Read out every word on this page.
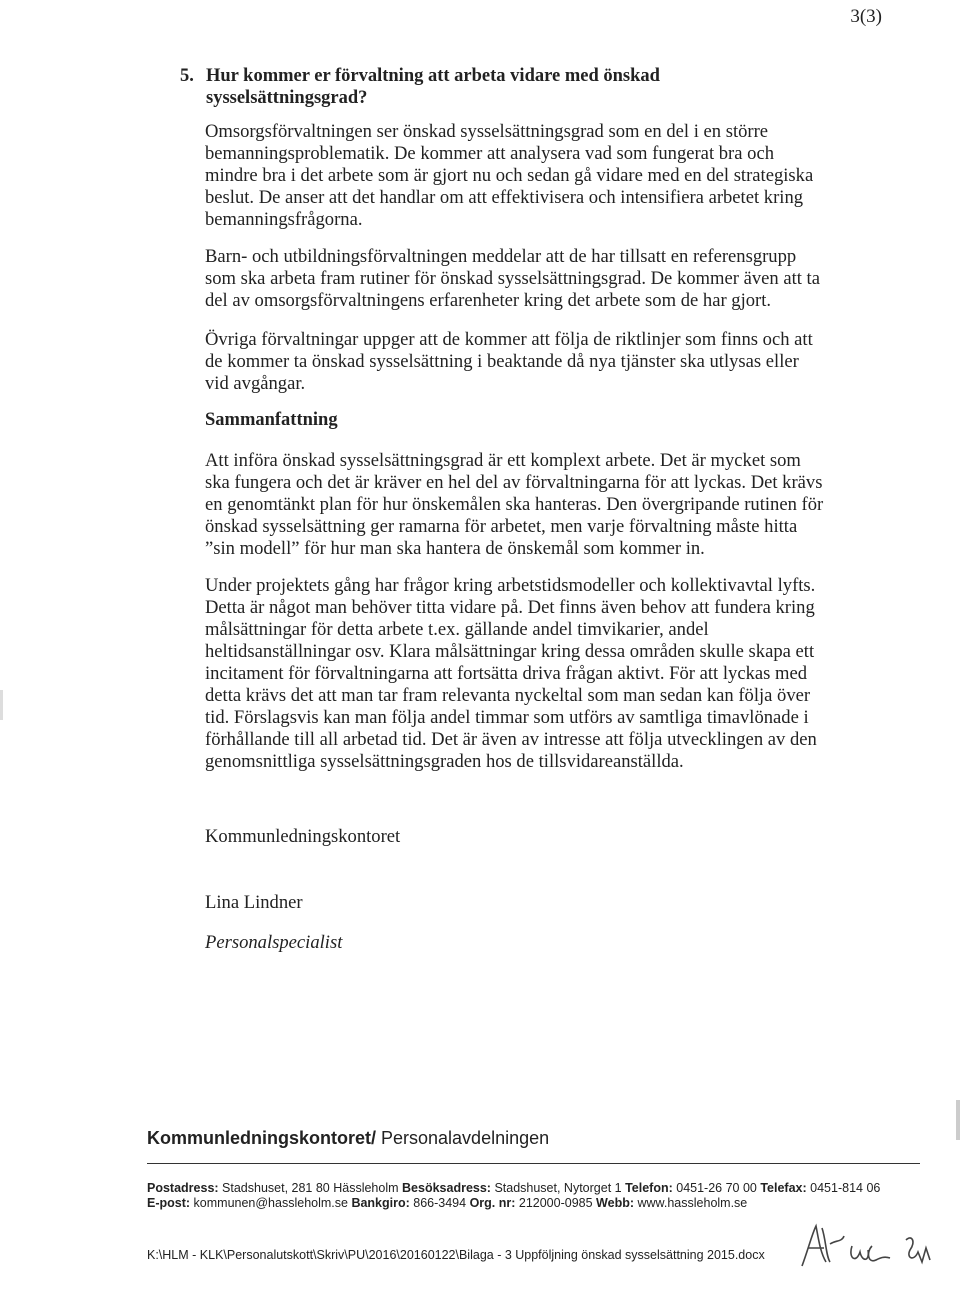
3(3)
5. Hur kommer er förvaltning att arbeta vidare med önskad sysselsättningsgrad?

Omsorgsförvaltningen ser önskad sysselsättningsgrad som en del i en större bemanningsproblematik. De kommer att analysera vad som fungerat bra och mindre bra i det arbete som är gjort nu och sedan gå vidare med en del strategiska beslut. De anser att det handlar om att effektivisera och intensifiera arbetet kring bemanningsfrågorna.

Barn- och utbildningsförvaltningen meddelar att de har tillsatt en referensgrupp som ska arbeta fram rutiner för önskad sysselsättningsgrad. De kommer även att ta del av omsorgsförvaltningens erfarenheter kring det arbete som de har gjort.

Övriga förvaltningar uppger att de kommer att följa de riktlinjer som finns och att de kommer ta önskad sysselsättning i beaktande då nya tjänster ska utlysas eller vid avgångar.

Sammanfattning

Att införa önskad sysselsättningsgrad är ett komplext arbete. Det är mycket som ska fungera och det är kräver en hel del av förvaltningarna för att lyckas. Det krävs en genomtänkt plan för hur önskemålen ska hanteras. Den övergripande rutinen för önskad sysselsättning ger ramarna för arbetet, men varje förvaltning måste hitta ”sin modell” för hur man ska hantera de önskemål som kommer in.

Under projektets gång har frågor kring arbetstidsmodeller och kollektivavtal lyfts. Detta är något man behöver titta vidare på. Det finns även behov att fundera kring målsättningar för detta arbete t.ex. gällande andel timvikarier, andel heltidsanställningar osv. Klara målsättningar kring dessa områden skulle skapa ett incitament för förvaltningarna att fortsätta driva frågan aktivt. För att lyckas med detta krävs det att man tar fram relevanta nyckeltal som man sedan kan följa över tid. Förslagsvis kan man följa andel timmar som utförs av samtliga timavlönade i förhållande till all arbetad tid. Det är även av intresse att följa utvecklingen av den genomsnittliga sysselsättningsgraden hos de tillsvidareanställda.

Kommunledningskontoret
Lina Lindner
Personalspecialist
Kommunledningskontoret/ Personalavdelningen
Postadress: Stadshuset, 281 80 Hässleholm Besöksadress: Stadshuset, Nytorget 1 Telefon: 0451-26 70 00 Telefax: 0451-814 06
E-post: kommunen@hassleholm.se Bankgiro: 866-3494 Org. nr: 212000-0985 Webb: www.hassleholm.se
K:\HLM - KLK\Personalutskott\Skriv\PU\2016\20160122\Bilaga - 3 Uppföljning önskad sysselsättning 2015.docx
